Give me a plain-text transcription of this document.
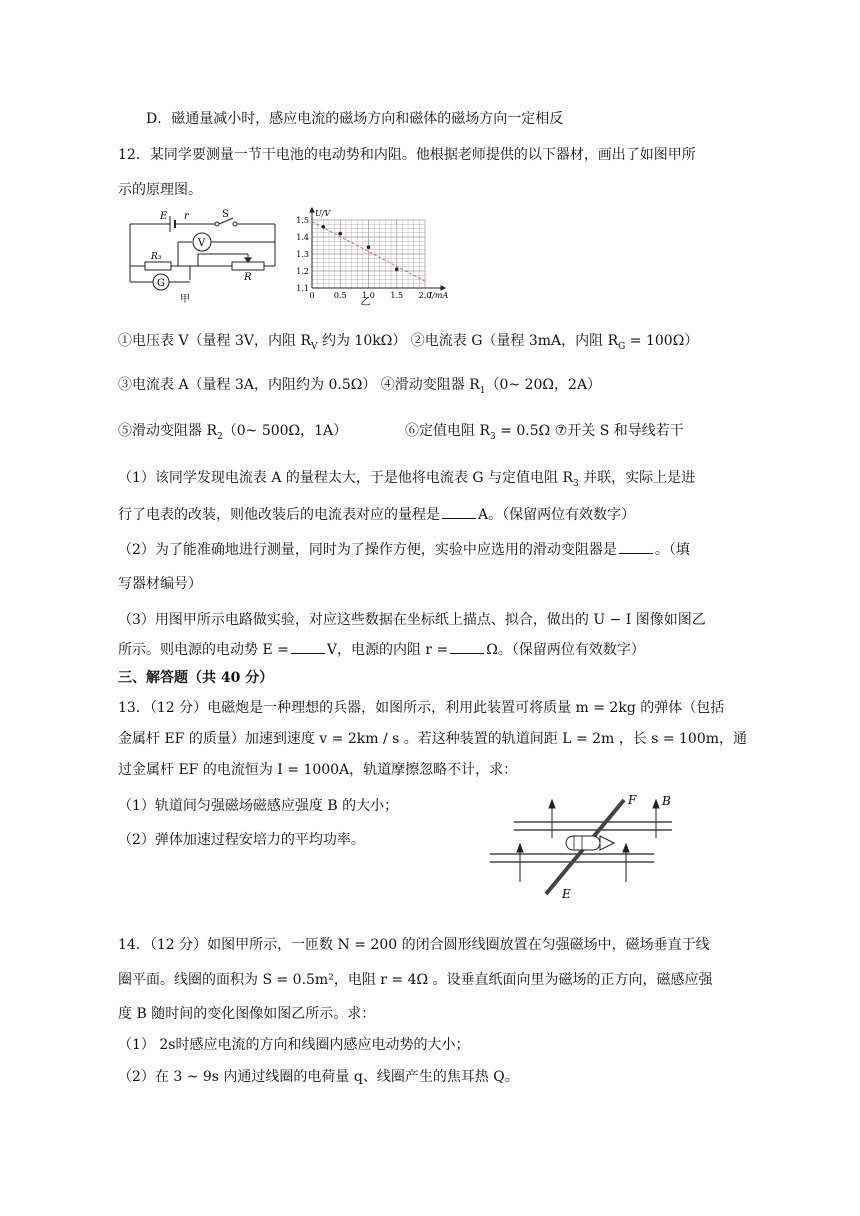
D．磁通量减小时，感应电流的磁场方向和磁体的磁场方向一定相反
12．某同学要测量一节干电池的电动势和内阻。他根据老师提供的以下器材，画出了如图甲所
示的原理图。
E r	S
V
R₃
G
R
甲	0 0.5 1.0 1.5 2.0
1.1
1.2
1.3
1.4
1.5
U/V
I/mA
乙
①电压表 V（量程 3V，内阻 $R_V$ 约为 10kΩ） ②电流表 G（量程 3mA，内阻 $R_G = 100\Omega$）
③电流表 A（量程 3A，内阻约为 0.5Ω） ④滑动变阻器 $R_1(0\sim$ 20Ω，2A）
⑤滑动变阻器 $R_2(0\sim$ 500Ω，1A）	⑥定值电阻 $R_3 = 0.5\Omega$ ⑦开关 S 和导线若干
（1）该同学发现电流表 A 的量程太大，于是他将电流表 G 与定值电阻 $R_3$ 并联，实际上是进
行了电表的改装，则他改装后的电流表对应的量程是	A。（保留两位有效数字）
（2）为了能准确地进行测量，同时为了操作方便，实验中应选用的滑动变阻器是	。（填
写器材编号）
（3）用图甲所示电路做实验，对应这些数据在坐标纸上描点、拟合，做出的 U − I 图像如图乙
所示。则电源的电动势 E =	V，电源的内阻 r =	Ω。（保留两位有效数字）
三、解答题（共 40 分）
13．（12 分）电磁炮是一种理想的兵器，如图所示，利用此装置可将质量 m = 2kg 的弹体（包括
金属杆 EF 的质量）加速到速度 v = 2km / s 。若这种装置的轨道间距 L = 2m ，长 s = 100m，通
过金属杆 EF 的电流恒为 I = 1000A，轨道摩擦忽略不计，求：
（1）轨道间匀强磁场磁感应强度 B 的大小；
（2）弹体加速过程安培力的平均功率。
F B
E
14．（12 分）如图甲所示，一匝数 N = 200 的闭合圆形线圈放置在匀强磁场中，磁场垂直于线
圈平面。线圈的面积为 S = 0.5m²，电阻 r = 4Ω 。设垂直纸面向里为磁场的正方向，磁感应强
度 B 随时间的变化图像如图乙所示。求：
（1） 2s时感应电流的方向和线圈内感应电动势的大小；
（2）在 3 ~ 9s 内通过线圈的电荷量 q、线圈产生的焦耳热 Q。
